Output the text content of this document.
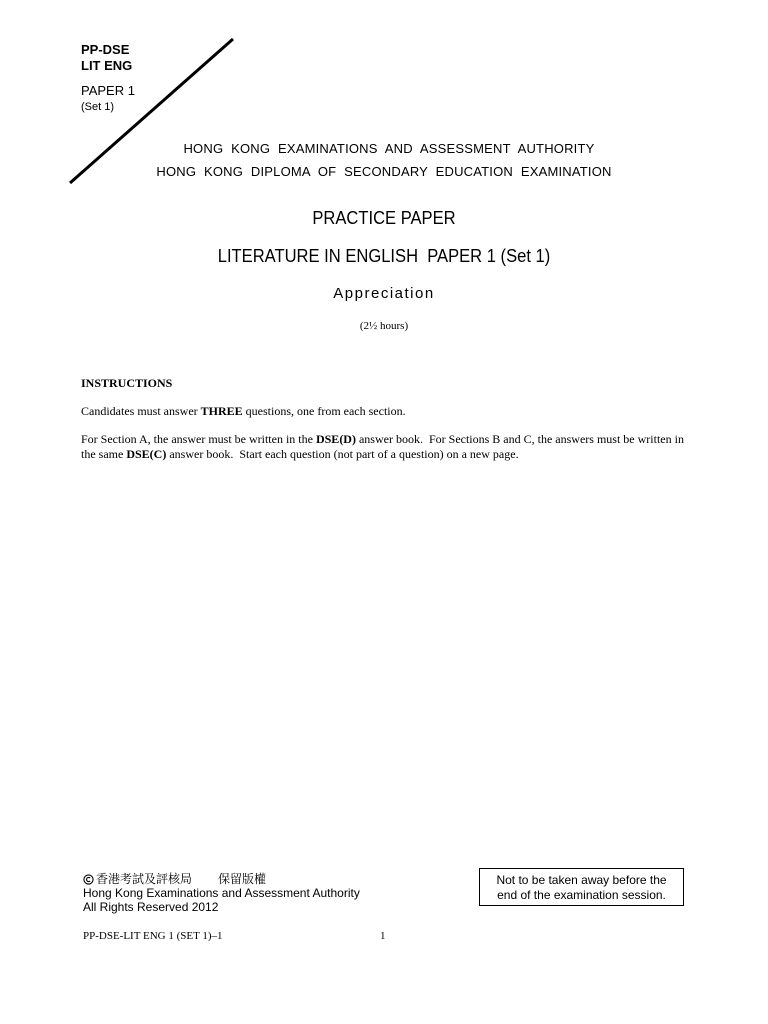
PP-DSE
LIT ENG
PAPER 1
(Set 1)
HONG KONG EXAMINATIONS AND ASSESSMENT AUTHORITY
HONG KONG DIPLOMA OF SECONDARY EDUCATION EXAMINATION
PRACTICE PAPER
LITERATURE IN ENGLISH  PAPER 1 (Set 1)
Appreciation
(2½ hours)
INSTRUCTIONS
Candidates must answer THREE questions, one from each section.
For Section A, the answer must be written in the DSE(D) answer book.  For Sections B and C, the answers must be written in the same DSE(C) answer book.  Start each question (not part of a question) on a new page.
香港考試及評核局 保留版權
Hong Kong Examinations and Assessment Authority
All Rights Reserved 2012
Not to be taken away before the
end of the examination session.
PP-DSE-LIT ENG 1 (SET 1)–1	1
